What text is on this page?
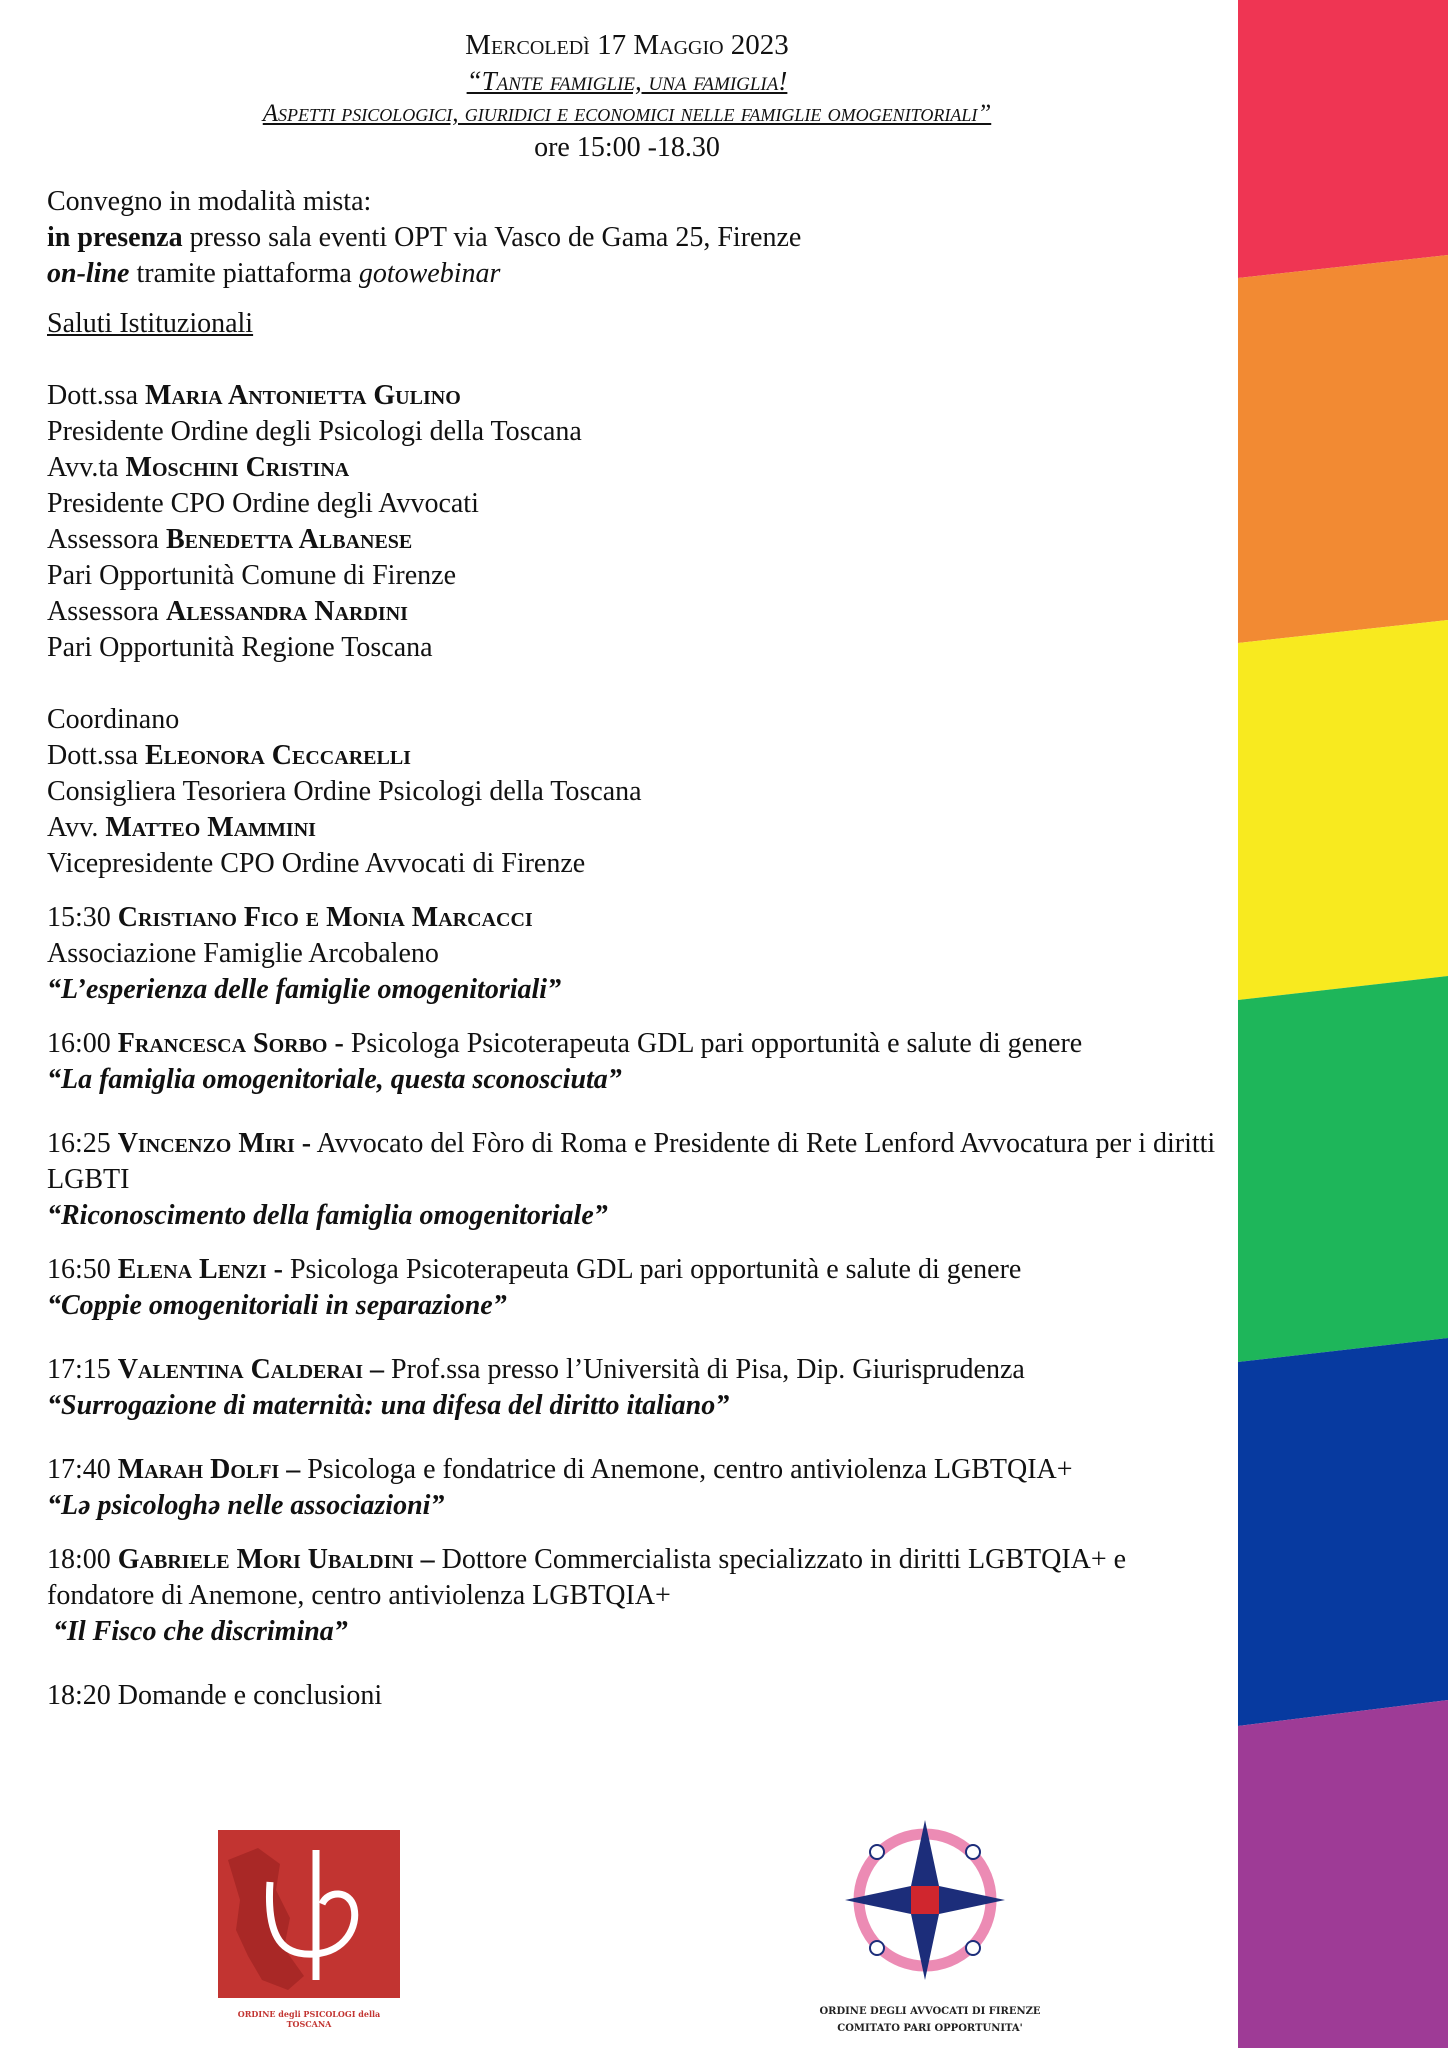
Mercoledì 17 Maggio 2023
“Tante famiglie, una famiglia!
Aspetti psicologici, giuridici e economici nelle famiglie omogenitoriali”
ore 15:00 -18.30
Convegno in modalità mista:
in presenza presso sala eventi OPT via Vasco de Gama 25, Firenze
on-line tramite piattaforma gotowebinar
Saluti Istituzionali
Dott.ssa Maria Antonietta Gulino
Presidente Ordine degli Psicologi della Toscana
Avv.ta Moschini Cristina
Presidente CPO Ordine degli Avvocati
Assessora Benedetta Albanese
Pari Opportunità Comune di Firenze
Assessora Alessandra Nardini
Pari Opportunità Regione Toscana
Coordinano
Dott.ssa Eleonora Ceccarelli
Consigliera Tesoriera Ordine Psicologi della Toscana
Avv. Matteo Mammini
Vicepresidente CPO Ordine Avvocati di Firenze
15:30 Cristiano Fico e Monia Marcacci
Associazione Famiglie Arcobaleno
“L’esperienza delle famiglie omogenitoriali”
16:00 Francesca Sorbo - Psicologa Psicoterapeuta GDL pari opportunità e salute di genere
“La famiglia omogenitoriale, questa sconosciuta”
16:25 Vincenzo Miri - Avvocato del Fòro di Roma e Presidente di Rete Lenford Avvocatura per i diritti LGBTI
“Riconoscimento della famiglia omogenitoriale”
16:50 Elena Lenzi - Psicologa Psicoterapeuta GDL pari opportunità e salute di genere
“Coppie omogenitoriali in separazione”
17:15 Valentina Calderai – Prof.ssa presso l’Università di Pisa, Dip. Giurisprudenza
“Surrogazione di maternità: una difesa del diritto italiano”
17:40 Marah Dolfi – Psicologa e fondatrice di Anemone, centro antiviolenza LGBTQIA+
“Lə psicologhə nelle associazioni”
18:00 Gabriele Mori Ubaldini – Dottore Commercialista specializzato in diritti LGBTQIA+ e fondatore di Anemone, centro antiviolenza LGBTQIA+
“Il Fisco che discrimina”
18:20 Domande e conclusioni
ORDINE degli PSICOLOGI della TOSCANA
ORDINE DEGLI AVVOCATI DI FIRENZE
COMITATO PARI OPPORTUNITA'
